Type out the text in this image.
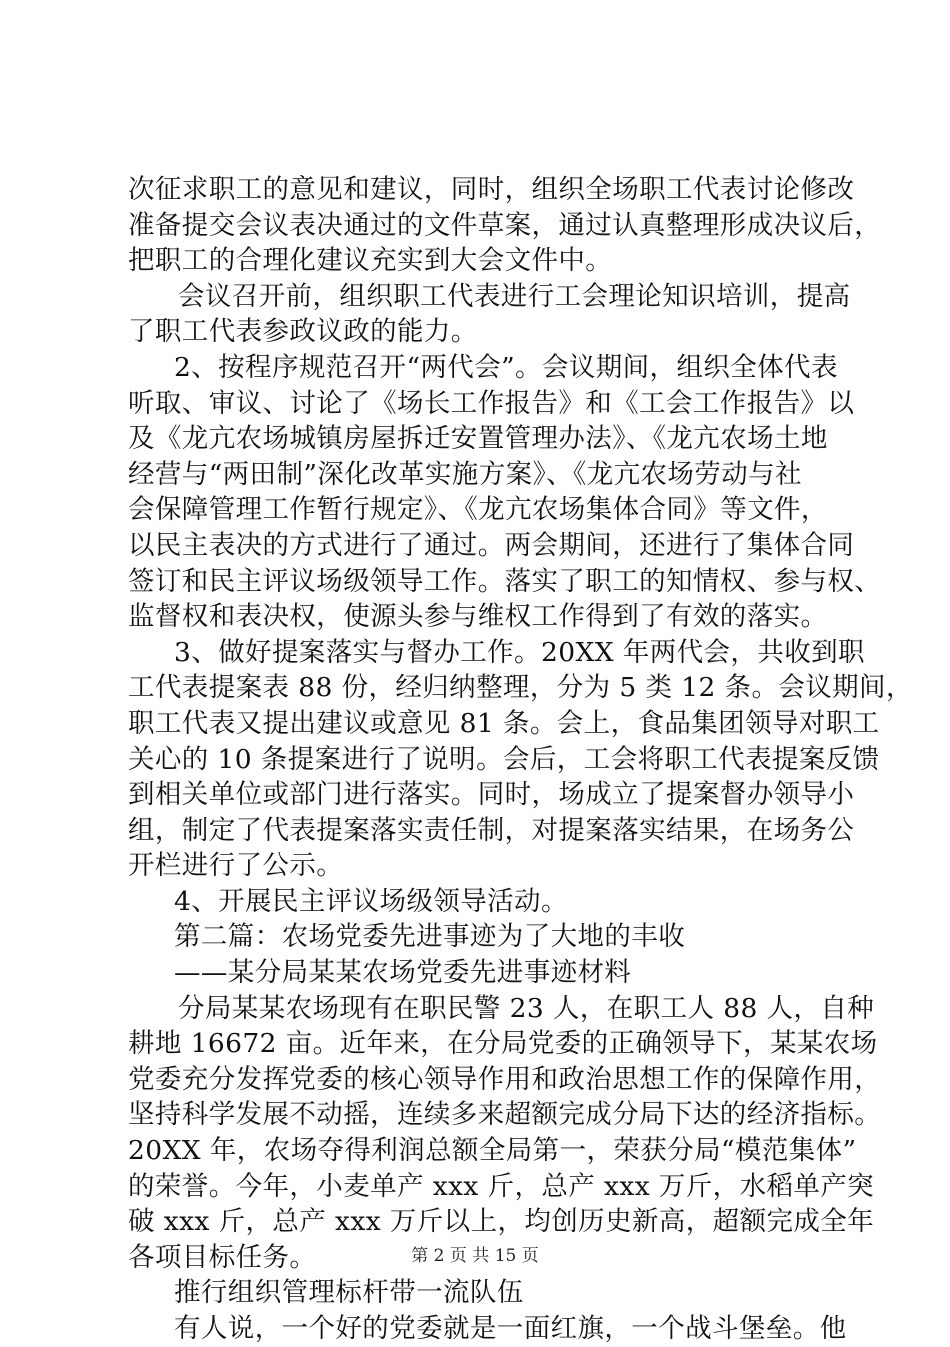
次征求职工的意见和建议，同时，组织全场职工代表讨论修改
准备提交会议表决通过的文件草案，通过认真整理形成决议后，
把职工的合理化建议充实到大会文件中。
会议召开前，组织职工代表进行工会理论知识培训，提高
了职工代表参政议政的能力。
2、按程序规范召开“两代会”。会议期间，组织全体代表
听取、审议、讨论了《场长工作报告》和《工会工作报告》以
及《龙亢农场城镇房屋拆迁安置管理办法》、《龙亢农场土地
经营与“两田制”深化改革实施方案》、《龙亢农场劳动与社
会保障管理工作暂行规定》、《龙亢农场集体合同》等文件，
以民主表决的方式进行了通过。两会期间，还进行了集体合同
签订和民主评议场级领导工作。落实了职工的知情权、参与权、
监督权和表决权，使源头参与维权工作得到了有效的落实。
3、做好提案落实与督办工作。20XX 年两代会，共收到职
工代表提案表 88 份，经归纳整理，分为 5 类 12 条。会议期间，
职工代表又提出建议或意见 81 条。会上，食品集团领导对职工
关心的 10 条提案进行了说明。会后，工会将职工代表提案反馈
到相关单位或部门进行落实。同时，场成立了提案督办领导小
组，制定了代表提案落实责任制，对提案落实结果，在场务公
开栏进行了公示。
4、开展民主评议场级领导活动。
第二篇：农场党委先进事迹为了大地的丰收
——某分局某某农场党委先进事迹材料
分局某某农场现有在职民警 23 人，在职工人 88 人，自种
耕地 16672 亩。近年来，在分局党委的正确领导下，某某农场
党委充分发挥党委的核心领导作用和政治思想工作的保障作用，
坚持科学发展不动摇，连续多来超额完成分局下达的经济指标。
20XX 年，农场夺得利润总额全局第一，荣获分局“模范集体”
的荣誉。今年，小麦单产 xxx 斤，总产 xxx 万斤，水稻单产突
破 xxx 斤，总产 xxx 万斤以上，均创历史新高，超额完成全年
各项目标任务。
推行组织管理标杆带一流队伍
有人说，一个好的党委就是一面红旗，一个战斗堡垒。他
第 2 页 共 15 页
